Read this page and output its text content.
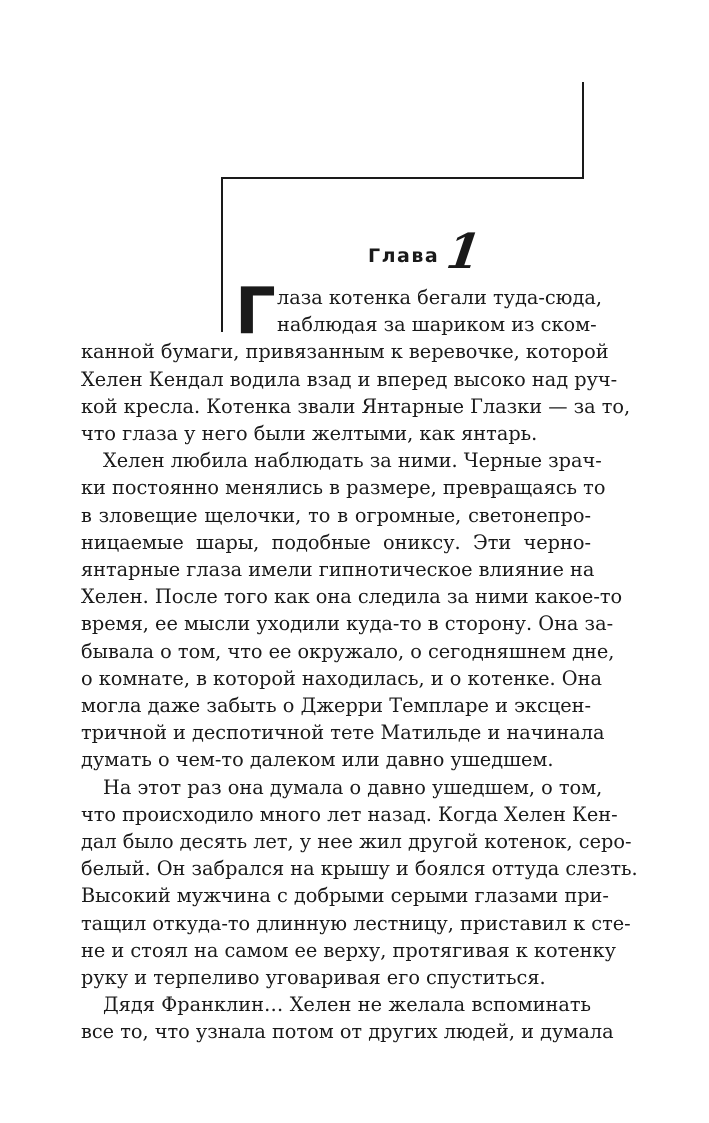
Глава 1
Г лаза котенка бегали туда-сюда,
наблюдая за шариком из ском-
канной бумаги, привязанным к веревочке, которой
Хелен Кендал водила взад и вперед высоко над руч-
кой кресла. Котенка звали Янтарные Глазки — за то,
что глаза у него были желтыми, как янтарь.
Хелен любила наблюдать за ними. Черные зрач-
ки постоянно менялись в размере, превращаясь то
в зловещие щелочки, то в огромные, светонепро-
ницаемые шары, подобные ониксу. Эти черно-
янтарные глаза имели гипнотическое влияние на
Хелен. После того как она следила за ними какое-то
время, ее мысли уходили куда-то в сторону. Она за-
бывала о том, что ее окружало, о сегодняшнем дне,
о комнате, в которой находилась, и о котенке. Она
могла даже забыть о Джерри Темпларе и эксцен-
тричной и деспотичной тете Матильде и начинала
думать о чем-то далеком или давно ушедшем.
На этот раз она думала о давно ушедшем, о том,
что происходило много лет назад. Когда Хелен Кен-
дал было десять лет, у нее жил другой котенок, серо-
белый. Он забрался на крышу и боялся оттуда слезть.
Высокий мужчина с добрыми серыми глазами при-
тащил откуда-то длинную лестницу, приставил к сте-
не и стоял на самом ее верху, протягивая к котенку
руку и терпеливо уговаривая его спуститься.
Дядя Франклин… Хелен не желала вспоминать
все то, что узнала потом от других людей, и думала
